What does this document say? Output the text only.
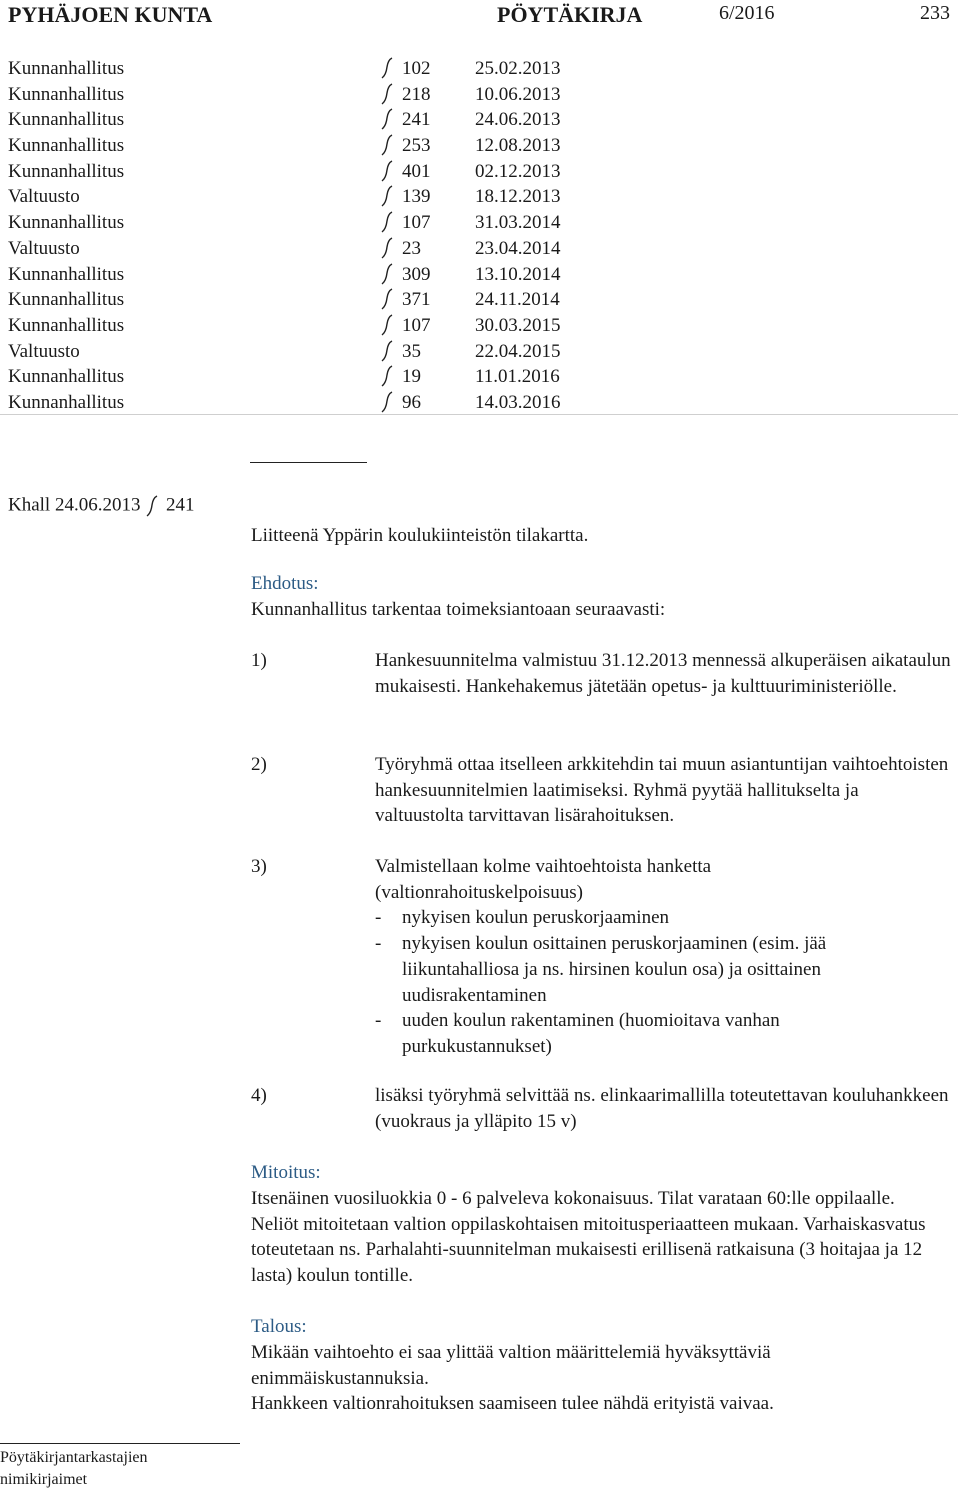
PYHÄJOEN KUNTA	PÖYTÄKIRJA	6/2016	233
Kunnanhallitus	102 25.02.2013
Kunnanhallitus	218 10.06.2013
Kunnanhallitus	241 24.06.2013
Kunnanhallitus	253 12.08.2013
Kunnanhallitus	401 02.12.2013
Valtuusto	139 18.12.2013
Kunnanhallitus	107 31.03.2014
Valtuusto	23	23.04.2014
Kunnanhallitus	309 13.10.2014
Kunnanhallitus	371 24.11.2014
Kunnanhallitus	107 30.03.2015
Valtuusto	35	22.04.2015
Kunnanhallitus	19	11.01.2016
Kunnanhallitus	96	14.03.2016
Khall 24.06.2013 241
Liitteenä Yppärin koulukiinteistön tilakartta.
Ehdotus:
Kunnanhallitus tarkentaa toimeksiantoaan seuraavasti:
1)	Hankesuunnitelma valmistuu 31.12.2013 mennessä alkuperäisen aikataulun mukaisesti. Hankehakemus jätetään opetus- ja kulttuuriministeriölle.
2)	Työryhmä ottaa itselleen arkkitehdin tai muun asiantuntijan vaihtoehtoisten hankesuunnitelmien laatimiseksi. Ryhmä pyytää hallitukselta ja valtuustolta tarvittavan lisärahoituksen.
3)	Valmistellaan kolme vaihtoehtoista hanketta (valtionrahoituskelpoisuus)
- nykyisen koulun peruskorjaaminen
- nykyisen koulun osittainen peruskorjaaminen (esim. jää liikuntahalliosa ja ns. hirsinen koulun osa) ja osittainen uudisrakentaminen
- uuden koulun rakentaminen (huomioitava vanhan purkukustannukset)
4)	lisäksi työryhmä selvittää ns. elinkaarimallilla toteutettavan kouluhankkeen (vuokraus ja ylläpito 15 v)
Mitoitus:
Itsenäinen vuosiluokkia 0 - 6 palveleva kokonaisuus. Tilat varataan 60:lle oppilaalle. Neliöt mitoitetaan valtion oppilaskohtaisen mitoitusperiaatteen mukaan. Varhaiskasvatus toteutetaan ns. Parhalahti-suunnitelman mukaisesti erillisenä ratkaisuna (3 hoitajaa ja 12 lasta) koulun tontille.
Talous:
Mikään vaihtoehto ei saa ylittää valtion määrittelemiä hyväksyttäviä enimmäiskustannuksia.
Hankkeen valtionrahoituksen saamiseen tulee nähdä erityistä vaivaa.
Pöytäkirjantarkastajien
nimikirjaimet
